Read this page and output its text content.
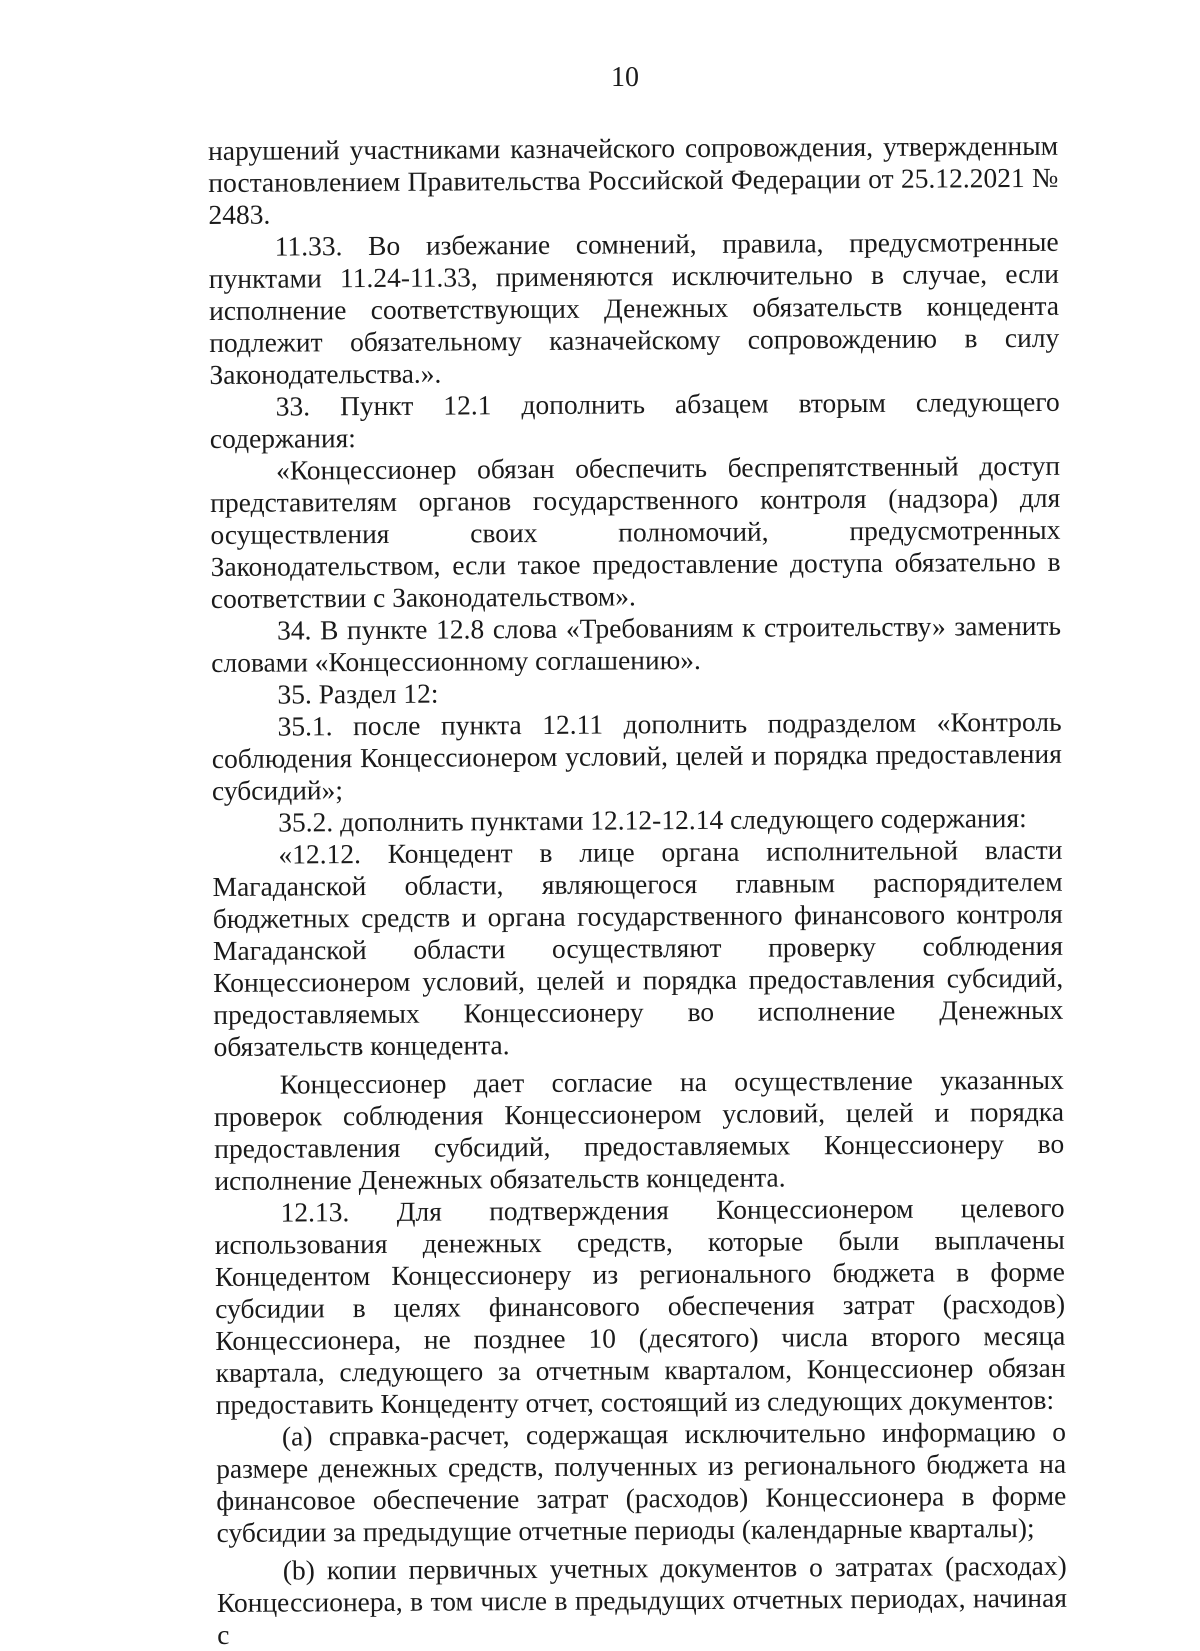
10

нарушений участниками казначейского сопровождения, утвержденным постановлением Правительства Российской Федерации от 25.12.2021 № 2483.

11.33. Во избежание сомнений, правила, предусмотренные пунктами 11.24-11.33, применяются исключительно в случае, если исполнение соответствующих Денежных обязательств концедента подлежит обязательному казначейскому сопровождению в силу Законодательства.».

33. Пункт 12.1 дополнить абзацем вторым следующего содержания:

«Концессионер обязан обеспечить беспрепятственный доступ представителям органов государственного контроля (надзора) для осуществления своих полномочий, предусмотренных Законодательством, если такое предоставление доступа обязательно в соответствии с Законодательством».

34. В пункте 12.8 слова «Требованиям к строительству» заменить словами «Концессионному соглашению».

35. Раздел 12:

35.1. после пункта 12.11 дополнить подразделом «Контроль соблюдения Концессионером условий, целей и порядка предоставления субсидий»;

35.2. дополнить пунктами 12.12-12.14 следующего содержания:

«12.12. Концедент в лице органа исполнительной власти Магаданской области, являющегося главным распорядителем бюджетных средств и органа государственного финансового контроля Магаданской области осуществляют проверку соблюдения Концессионером условий, целей и порядка предоставления субсидий, предоставляемых Концессионеру во исполнение Денежных обязательств концедента.

Концессионер дает согласие на осуществление указанных проверок соблюдения Концессионером условий, целей и порядка предоставления субсидий, предоставляемых Концессионеру во исполнение Денежных обязательств концедента.

12.13. Для подтверждения Концессионером целевого использования денежных средств, которые были выплачены Концедентом Концессионеру из регионального бюджета в форме субсидии в целях финансового обеспечения затрат (расходов) Концессионера, не позднее 10 (десятого) числа второго месяца квартала, следующего за отчетным кварталом, Концессионер обязан предоставить Концеденту отчет, состоящий из следующих документов:

(a) справка-расчет, содержащая исключительно информацию о размере денежных средств, полученных из регионального бюджета на финансовое обеспечение затрат (расходов) Концессионера в форме субсидии за предыдущие отчетные периоды (календарные кварталы);

(b) копии первичных учетных документов о затратах (расходах) Концессионера, в том числе в предыдущих отчетных периодах, начиная с
